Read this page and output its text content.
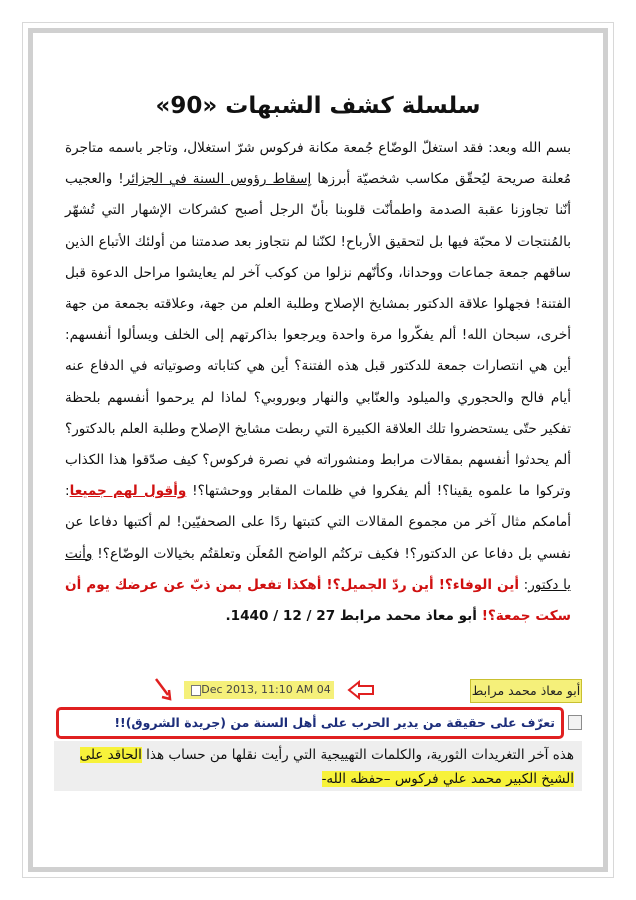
سلسلة كشف الشبهات «90»

بسم الله وبعد: فقد استغلّ الوضّاع جُمعة مكانة فركوس شرّ استغلال، وتاجر باسمه متاجرة مُعلنة صريحة ليُحقّق مكاسب شخصيّة أبرزها إسقاط رؤوس السنة في الجزائر! والعجيب أنّنا تجاوزنا عقبة الصدمة واطمأنّت قلوبنا بأنّ الرجل أصبح كشركات الإشهار التي تُشهّر بالمُنتجات لا محبّة فيها بل لتحقيق الأرباح! لكنّنا لم نتجاوز بعد صدمتنا من أولئك الأتباع الذين ساقهم جمعة جماعات ووحدانا، وكأنّهم نزلوا من كوكب آخر لم يعايشوا مراحل الدعوة قبل الفتنة! فجهلوا علاقة الدكتور بمشايخ الإصلاح وطلبة العلم من جهة، وعلاقته بجمعة من جهة أخرى، سبحان الله! ألم يفكّروا مرة واحدة ويرجعوا بذاكرتهم إلى الخلف ويسألوا أنفسهم: أين هي انتصارات جمعة للدكتور قبل هذه الفتنة؟ أين هي كتاباته وصوتياته في الدفاع عنه أيام فالح والحجوري والميلود والعنّابي والنهار وبوروبي؟ لماذا لم يرحموا أنفسهم بلحظة تفكير حتّى يستحضروا تلك العلاقة الكبيرة التي ربطت مشايخ الإصلاح وطلبة العلم بالدكتور؟ ألم يحدثوا أنفسهم بمقالات مرابط ومنشوراته في نصرة فركوس؟ كيف صدّقوا هذا الكذاب وتركوا ما علموه يقينا؟! ألم يفكروا في ظلمات المقابر ووحشتها؟! وأقول لهم جميعا: أمامكم مثال آخر من مجموع المقالات التي كتبتها ردًا على الصحفيّين! لم أكتبها دفاعا عن نفسي بل دفاعا عن الدكتور؟! فكيف تركتُم الواضح المُعلَن وتعلقتُم بخيالات الوضّاع؟! وأنت يا دكتور: أين الوفاء؟! أين ردّ الجميل؟! أهكذا تفعل بمن ذبّ عن عرضك يوم أن سكت جمعة؟! أبو معاذ محمد مرابط 27 / 12 / 1440.

أبو معاذ محمد مرابط
Dec 2013, 11:10 AM 04
تعرّف على حقيقة من يدير الحرب على أهل السنة من (جريدة الشروق)!!
هذه آخر التغريدات الثورية، والكلمات التهييجية التي رأيت نقلها من حساب هذا الحاقد على الشيخ الكبير محمد علي فركوس –حفظه الله-
